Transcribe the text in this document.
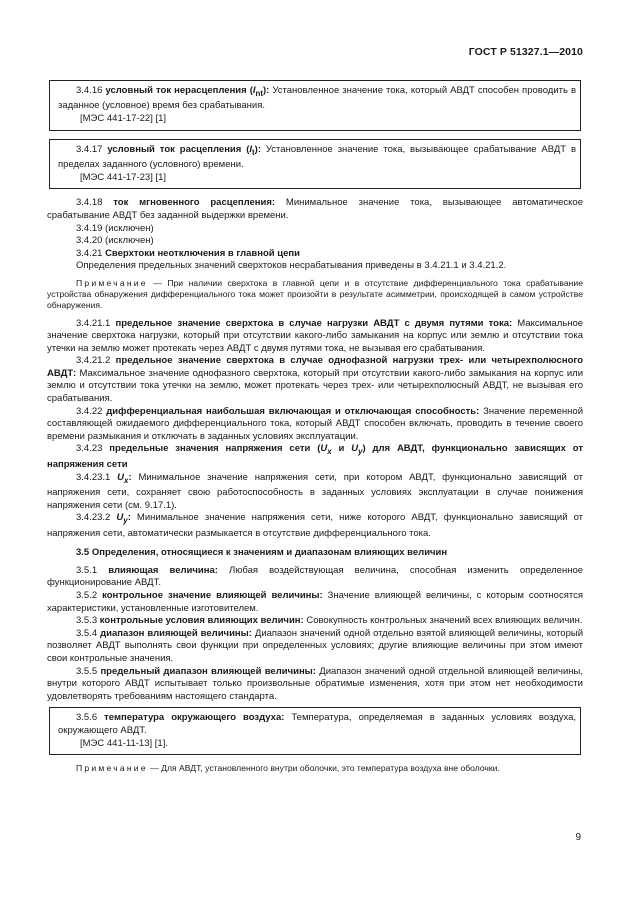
ГОСТ Р 51327.1—2010

3.4.16 условный ток нерасцепления $(I_{nt})$: Установленное значение тока, который АВДТ способен проводить в заданное (условное) время без срабатывания.

[МЭС 441-17-22] [1]

3.4.17 условный ток расцепления $(I_t)$: Установленное значение тока, вызывающее срабатывание АВДТ в пределах заданного (условного) времени.

[МЭС 441-17-23] [1]

3.4.18 ток мгновенного расцепления: Минимальное значение тока, вызывающее автоматическое срабатывание АВДТ без заданной выдержки времени.

3.4.19 (исключен)

3.4.20 (исключен)

3.4.21 Сверхтоки неотключения в главной цепи

Определения предельных значений сверхтоков несрабатывания приведены в 3.4.21.1 и 3.4.21.2.

Примечание — При наличии сверхтока в главной цепи и в отсутствие дифференциального тока срабатывание устройства обнаружения дифференциального тока может произойти в результате асимметрии, происходящей в самом устройстве обнаружения.

3.4.21.1 предельное значение сверхтока в случае нагрузки АВДТ с двумя путями тока: Максимальное значение сверхтока нагрузки, который при отсутствии какого-либо замыкания на корпус или землю и отсутствии тока утечки на землю может протекать через АВДТ с двумя путями тока, не вызывая его срабатывания.

3.4.21.2 предельное значение сверхтока в случае однофазной нагрузки трех- или четырехполюсного АВДТ: Максимальное значение однофазного сверхтока, который при отсутствии какого-либо замыкания на корпус или землю и отсутствии тока утечки на землю, может протекать через трех- или четырехполюсный АВДТ, не вызывая его срабатывания.

3.4.22 дифференциальная наибольшая включающая и отключающая способность: Значение переменной составляющей ожидаемого дифференциального тока, который АВДТ способен включать, проводить в течение своего времени размыкания и отключать в заданных условиях эксплуатации.

3.4.23 предельные значения напряжения сети ($U_x$ и $U_y$) для АВДТ, функционально зависящих от напряжения сети

3.4.23.1 $U_x$: Минимальное значение напряжения сети, при котором АВДТ, функционально зависящий от напряжения сети, сохраняет свою работоспособность в заданных условиях эксплуатации в случае понижения напряжения сети (см. 9.17.1).

3.4.23.2 $U_y$: Минимальное значение напряжения сети, ниже которого АВДТ, функционально зависящий от напряжения сети, автоматически размыкается в отсутствие дифференциального тока.

3.5 Определения, относящиеся к значениям и диапазонам влияющих величин

3.5.1 влияющая величина: Любая воздействующая величина, способная изменить определенное функционирование АВДТ.

3.5.2 контрольное значение влияющей величины: Значение влияющей величины, с которым соотносятся характеристики, установленные изготовителем.

3.5.3 контрольные условия влияющих величин: Совокупность контрольных значений всех влияющих величин.

3.5.4 диапазон влияющей величины: Диапазон значений одной отдельно взятой влияющей величины, который позволяет АВДТ выполнять свои функции при определенных условиях; другие влияющие величины при этом имеют свои контрольные значения.

3.5.5 предельный диапазон влияющей величины: Диапазон значений одной отдельной влияющей величины, внутри которого АВДТ испытывает только произвольные обратимые изменения, хотя при этом нет необходимости удовлетворять требованиям настоящего стандарта.

3.5.6 температура окружающего воздуха: Температура, определяемая в заданных условиях воздуха, окружающего АВДТ.

[МЭС 441-11-13] [1].

Примечание — Для АВДТ, установленного внутри оболочки, это температура воздуха вне оболочки.

9
